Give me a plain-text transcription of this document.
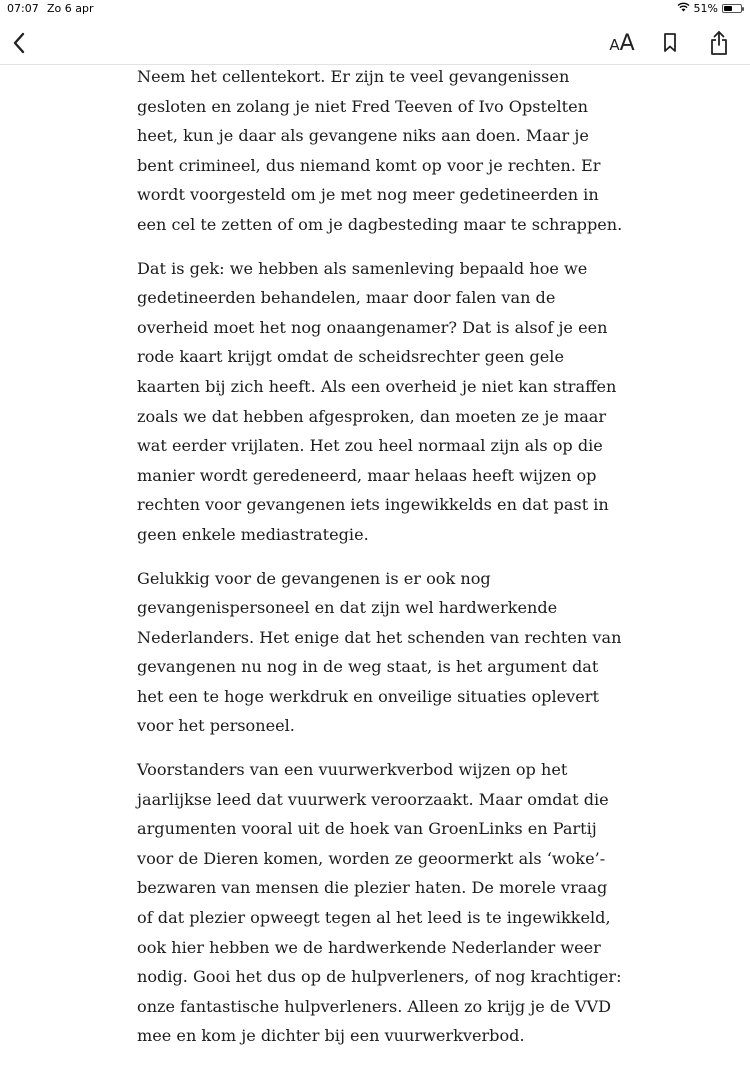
07:07 Zo 6 apr	51%
A A

Neem het cellentekort. Er zijn te veel gevangenissen gesloten en zolang je niet Fred Teeven of Ivo Opstelten heet, kun je daar als gevangene niks aan doen. Maar je bent crimineel, dus niemand komt op voor je rechten. Er wordt voorgesteld om je met nog meer gedetineerden in een cel te zetten of om je dagbesteding maar te schrappen.

Dat is gek: we hebben als samenleving bepaald hoe we gedetineerden behandelen, maar door falen van de overheid moet het nog onaangenamer? Dat is alsof je een rode kaart krijgt omdat de scheidsrechter geen gele kaarten bij zich heeft. Als een overheid je niet kan straffen zoals we dat hebben afgesproken, dan moeten ze je maar wat eerder vrijlaten. Het zou heel normaal zijn als op die manier wordt geredeneerd, maar helaas heeft wijzen op rechten voor gevangenen iets ingewikkelds en dat past in geen enkele mediastrategie.

Gelukkig voor de gevangenen is er ook nog gevangenispersoneel en dat zijn wel hardwerkende Nederlanders. Het enige dat het schenden van rechten van gevangenen nu nog in de weg staat, is het argument dat het een te hoge werkdruk en onveilige situaties oplevert voor het personeel.

Voorstanders van een vuurwerkverbod wijzen op het jaarlijkse leed dat vuurwerk veroorzaakt. Maar omdat die argumenten vooral uit de hoek van GroenLinks en Partij voor de Dieren komen, worden ze geoormerkt als ‘woke’-bezwaren van mensen die plezier haten. De morele vraag of dat plezier opweegt tegen al het leed is te ingewikkeld, ook hier hebben we de hardwerkende Nederlander weer nodig. Gooi het dus op de hulpverleners, of nog krachtiger: onze fantastische hulpverleners. Alleen zo krijg je de VVD mee en kom je dichter bij een vuurwerkverbod.
